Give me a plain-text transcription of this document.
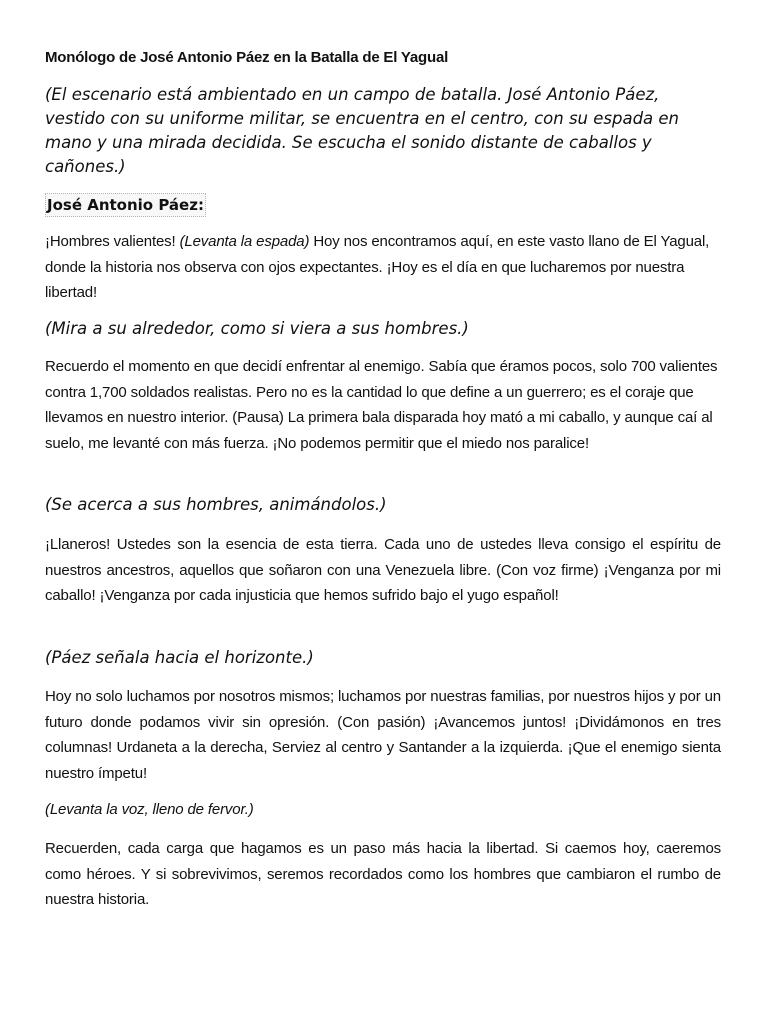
Monólogo de José Antonio Páez en la Batalla de El Yagual

(El escenario está ambientado en un campo de batalla. José Antonio Páez, vestido con su uniforme militar, se encuentra en el centro, con su espada en mano y una mirada decidida. Se escucha el sonido distante de caballos y cañones.)

José Antonio Páez:

¡Hombres valientes! (Levanta la espada) Hoy nos encontramos aquí, en este vasto llano de El Yagual, donde la historia nos observa con ojos expectantes. ¡Hoy es el día en que lucharemos por nuestra libertad!

(Mira a su alrededor, como si viera a sus hombres.)

Recuerdo el momento en que decidí enfrentar al enemigo. Sabía que éramos pocos, solo 700 valientes contra 1,700 soldados realistas. Pero no es la cantidad lo que define a un guerrero; es el coraje que llevamos en nuestro interior. (Pausa) La primera bala disparada hoy mató a mi caballo, y aunque caí al suelo, me levanté con más fuerza. ¡No podemos permitir que el miedo nos paralice!

(Se acerca a sus hombres, animándolos.)

¡Llaneros! Ustedes son la esencia de esta tierra. Cada uno de ustedes lleva consigo el espíritu de nuestros ancestros, aquellos que soñaron con una Venezuela libre. (Con voz firme) ¡Venganza por mi caballo! ¡Venganza por cada injusticia que hemos sufrido bajo el yugo español!

(Páez señala hacia el horizonte.)

Hoy no solo luchamos por nosotros mismos; luchamos por nuestras familias, por nuestros hijos y por un futuro donde podamos vivir sin opresión. (Con pasión) ¡Avancemos juntos! ¡Dividámonos en tres columnas! Urdaneta a la derecha, Serviez al centro y Santander a la izquierda. ¡Que el enemigo sienta nuestro ímpetu!

(Levanta la voz, lleno de fervor.)

Recuerden, cada carga que hagamos es un paso más hacia la libertad. Si caemos hoy, caeremos como héroes. Y si sobrevivimos, seremos recordados como los hombres que cambiaron el rumbo de nuestra historia.
